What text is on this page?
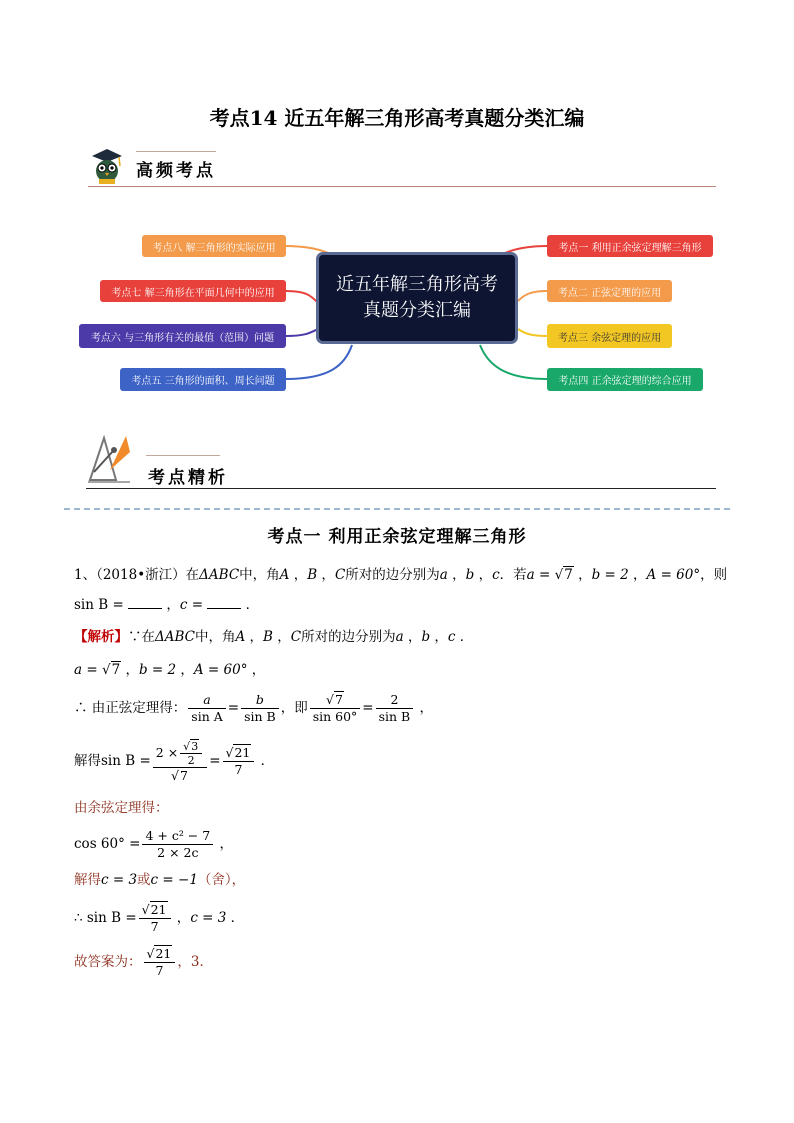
考点14 近五年解三角形高考真题分类汇编
高频考点
考点八 解三角形的实际应用
考点七 解三角形在平面几何中的应用
考点六 与三角形有关的最值（范围）问题
考点五 三角形的面积、周长问题
考点一 利用正余弦定理解三角形
考点二 正弦定理的应用
考点三 余弦定理的应用
考点四 正余弦定理的综合应用
近五年解三角形高考真题分类汇编
考点精析
考点一 利用正余弦定理解三角形
1、（2018•浙江）在ΔABC中，角A ，B ，C所对的边分别为a ，b ，c．若a = √7 ，b = 2 ，A = 60°，则
sin B =	，c =	．
【解析】∵在ΔABC中，角A ，B ，C所对的边分别为a ，b ，c ．
a = √7 ，b = 2 ，A = 60° ，
∴ 由正弦定理得： $\frac{a}{\text{sin A}} = \frac{b}{\text{sin B}}$ ，即 $\frac{√7}{\sin 60^\circ} = \frac{2}{\text{sin B}}$ ，
解得$\sin B = \frac{2 \times \frac{√3}{2}}{√7} = \frac{√21}{7}$ ．
由余弦定理得：
$\cos 60^\circ = \frac{\text{4 + c² − 7}}{2 \times 2c}$ ，
解得c = 3或c = −1（舍），
∴ $\sin B = \frac{√21}{7}$ ，c = 3 ．
故答案为： $\frac{√21}{7}$ ，3．
